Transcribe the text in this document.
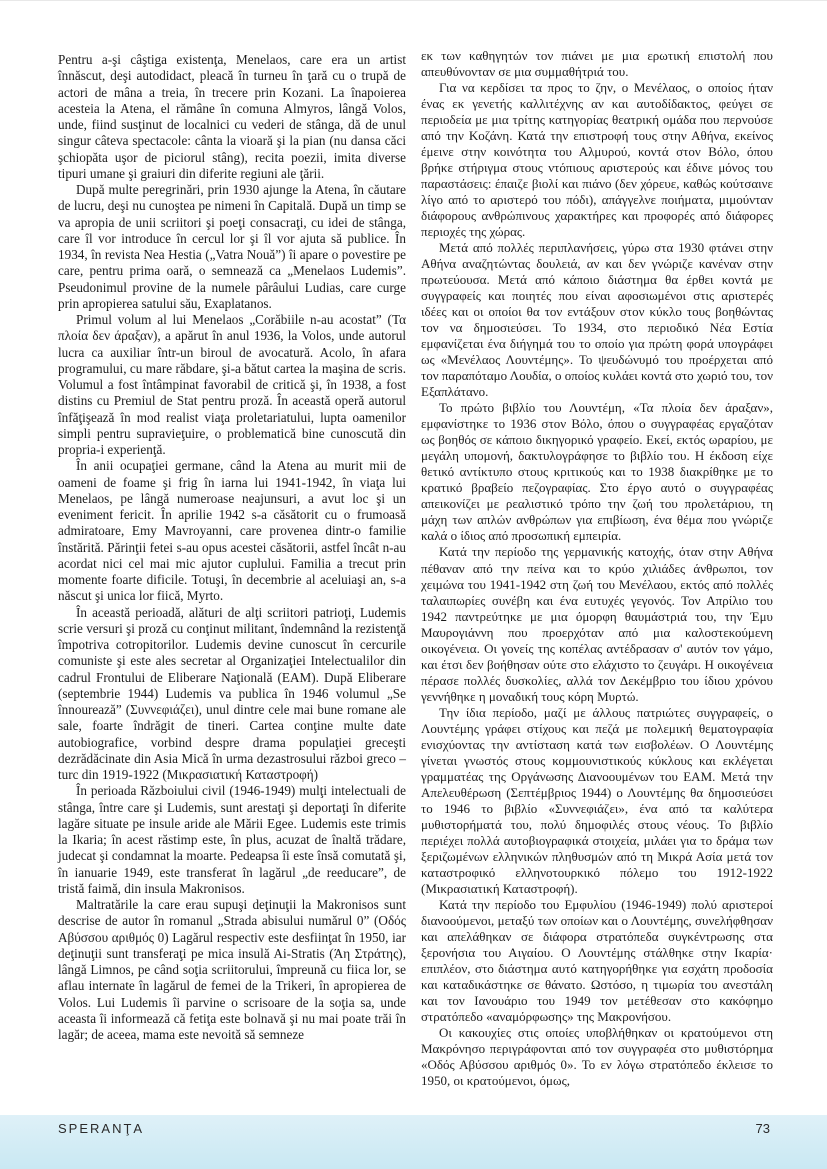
Pentru a-şi câştiga existenţa, Menelaos, care era un artist înnăscut, deşi autodidact, pleacă în turneu în ţară cu o trupă de actori de mâna a treia, în trecere prin Kozani. La înapoierea acesteia la Atena, el rămâne în comuna Almyros, lângă Volos, unde, fiind susţinut de localnici cu vederi de stânga, dă de unul singur câteva spectacole: cânta la vioară şi la pian (nu dansa căci şchiopăta uşor de piciorul stâng), recita poezii, imita diverse tipuri umane şi graiuri din diferite regiuni ale ţării.

După multe peregrinări, prin 1930 ajunge la Atena, în căutare de lucru, deşi nu cunoştea pe nimeni în Capitală. După un timp se va apropia de unii scriitori şi poeţi consacraţi, cu idei de stânga, care îl vor introduce în cercul lor şi îl vor ajuta să publice. În 1934, în revista Nea Hestia („Vatra Nouă”) îi apare o povestire pe care, pentru prima oară, o semnează ca „Menelaos Ludemis”. Pseudonimul provine de la numele pârâului Ludias, care curge prin apropierea satului său, Exaplatanos.

Primul volum al lui Menelaos „Corăbiile n-au acostat” (Τα πλοία δεν άραξαν), a apărut în anul 1936, la Volos, unde autorul lucra ca auxiliar într-un biroul de avocatură. Acolo, în afara programului, cu mare răbdare, şi-a bătut cartea la maşina de scris. Volumul a fost întâmpinat favorabil de critică şi, în 1938, a fost distins cu Premiul de Stat pentru proză. În această operă autorul înfăţişează în mod realist viaţa proletariatului, lupta oamenilor simpli pentru supravieţuire, o problematică bine cunoscută din propria-i experienţă.

În anii ocupaţiei germane, când la Atena au murit mii de oameni de foame şi frig în iarna lui 1941-1942, în viaţa lui Menelaos, pe lângă numeroase neajunsuri, a avut loc şi un eveniment fericit. În aprilie 1942 s-a căsătorit cu o frumoasă admiratoare, Emy Mavroyanni, care provenea dintr-o familie înstărită. Părinţii fetei s-au opus acestei căsătorii, astfel încât n-au acordat nici cel mai mic ajutor cuplului. Familia a trecut prin momente foarte dificile. Totuşi, în decembrie al aceluiaşi an, s-a născut şi unica lor fiică, Myrto.

În această perioadă, alături de alţi scriitori patrioţi, Ludemis scrie versuri şi proză cu conţinut militant, îndemnând la rezistenţă împotriva cotropitorilor. Ludemis devine cunoscut în cercurile comuniste şi este ales secretar al Organizaţiei Intelectualilor din cadrul Frontului de Eliberare Naţională (EAM). După Eliberare (septembrie 1944) Ludemis va publica în 1946 volumul „Se înnourează” (Συννεφιάζει), unul dintre cele mai bune romane ale sale, foarte îndrăgit de tineri. Cartea conţine multe date autobiografice, vorbind despre drama populaţiei greceşti dezrădăcinate din Asia Mică în urma dezastrosului război greco –turc din 1919-1922 (Μικρασιατική Καταστροφή)

În perioada Războiului civil (1946-1949) mulţi intelectuali de stânga, între care şi Ludemis, sunt arestaţi şi deportaţi în diferite lagăre situate pe insule aride ale Mării Egee. Ludemis este trimis la Ikaria; în acest răstimp este, în plus, acuzat de înaltă trădare, judecat şi condamnat la moarte. Pedeapsa îi este însă comutată şi, în ianuarie 1949, este transferat în lagărul „de reeducare”, de tristă faimă, din insula Makronisos.

Maltratările la care erau supuşi deţinuţii la Makronisos sunt descrise de autor în romanul „Strada abisului numărul 0” (Οδός Αβύσσου αριθμός 0) Lagărul respectiv este desfiinţat în 1950, iar deţinuţii sunt transferaţi pe mica insulă Ai-Stratis (Άη Στράτης), lângă Limnos, pe când soţia scriitorului, împreună cu fiica lor, se aflau internate în lagărul de femei de la Trikeri, în apropierea de Volos. Lui Ludemis îi parvine o scrisoare de la soţia sa, unde aceasta îi informează că fetiţa este bolnavă şi nu mai poate trăi în lagăr; de aceea, mama este nevoită să semneze

εκ των καθηγητών τον πιάνει με μια ερωτική επιστολή που απευθύνονταν σε μια συμμαθήτριά του.

Για να κερδίσει τα προς το ζην, ο Μενέλαος, ο οποίος ήταν ένας εκ γενετής καλλιτέχνης αν και αυτοδίδακτος, φεύγει σε περιοδεία με μια τρίτης κατηγορίας θεατρική ομάδα που περνούσε από την Κοζάνη. Κατά την επιστροφή τους στην Αθήνα, εκείνος έμεινε στην κοινότητα του Αλμυρού, κοντά στον Βόλο, όπου βρήκε στήριγμα στους ντόπιους αριστερούς και έδινε μόνος του παραστάσεις: έπαιζε βιολί και πιάνο (δεν χόρευε, καθώς κούτσαινε λίγο από το αριστερό του πόδι), απάγγελνε ποιήματα, μιμούνταν διάφορους ανθρώπινους χαρακτήρες και προφορές από διάφορες περιοχές της χώρας.

Μετά από πολλές περιπλανήσεις, γύρω στα 1930 φτάνει στην Αθήνα αναζητώντας δουλειά, αν και δεν γνώριζε κανέναν στην πρωτεύουσα. Μετά από κάποιο διάστημα θα έρθει κοντά με συγγραφείς και ποιητές που είναι αφοσιωμένοι στις αριστερές ιδέες και οι οποίοι θα τον εντάξουν στον κύκλο τους βοηθώντας τον να δημοσιεύσει. Το 1934, στο περιοδικό Νέα Εστία εμφανίζεται ένα διήγημά του το οποίο για πρώτη φορά υπογράφει ως «Μενέλαος Λουντέμης». Το ψευδώνυμό του προέρχεται από τον παραπόταμο Λουδία, ο οποίος κυλάει κοντά στο χωριό του, τον Εξαπλάτανο.

Το πρώτο βιβλίο του Λουντέμη, «Τα πλοία δεν άραξαν», εμφανίστηκε το 1936 στον Βόλο, όπου ο συγγραφέας εργαζόταν ως βοηθός σε κάποιο δικηγορικό γραφείο. Εκεί, εκτός ωραρίου, με μεγάλη υπομονή, δακτυλογράφησε το βιβλίο του. Η έκδοση είχε θετικό αντίκτυπο στους κριτικούς και το 1938 διακρίθηκε με το κρατικό βραβείο πεζογραφίας. Στο έργο αυτό ο συγγραφέας απεικονίζει με ρεαλιστικό τρόπο την ζωή του προλετάριου, τη μάχη των απλών ανθρώπων για επιβίωση, ένα θέμα που γνώριζε καλά ο ίδιος από προσωπική εμπειρία.

Κατά την περίοδο της γερμανικής κατοχής, όταν στην Αθήνα πέθαναν από την πείνα και το κρύο χιλιάδες άνθρωποι, τον χειμώνα του 1941-1942 στη ζωή του Μενέλαου, εκτός από πολλές ταλαιπωρίες συνέβη και ένα ευτυχές γεγονός. Τον Απρίλιο του 1942 παντρεύτηκε με μια όμορφη θαυμάστριά του, την Έμυ Μαυρογιάννη που προερχόταν από μια καλοστεκούμενη οικογένεια. Οι γονείς της κοπέλας αντέδρασαν σ' αυτόν τον γάμο, και έτσι δεν βοήθησαν ούτε στο ελάχιστο το ζευγάρι. Η οικογένεια πέρασε πολλές δυσκολίες, αλλά τον Δεκέμβριο του ίδιου χρόνου γεννήθηκε η μοναδική τους κόρη Μυρτώ.

Την ίδια περίοδο, μαζί με άλλους πατριώτες συγγραφείς, ο Λουντέμης γράφει στίχους και πεζά με πολεμική θεματογραφία ενισχύοντας την αντίσταση κατά των εισβολέων. Ο Λουντέμης γίνεται γνωστός στους κομμουνιστικούς κύκλους και εκλέγεται γραμματέας της Οργάνωσης Διανοουμένων του ΕΑΜ. Μετά την Απελευθέρωση (Σεπτέμβριος 1944) ο Λουντέμης θα δημοσιεύσει το 1946 το βιβλίο «Συννεφιάζει», ένα από τα καλύτερα μυθιστορήματά του, πολύ δημοφιλές στους νέους. Το βιβλίο περιέχει πολλά αυτοβιογραφικά στοιχεία, μιλάει για το δράμα των ξεριζωμένων ελληνικών πληθυσμών από τη Μικρά Ασία μετά τον καταστροφικό ελληνοτουρκικό πόλεμο του 1912-1922 (Μικρασιατική Καταστροφή).

Κατά την περίοδο του Εμφυλίου (1946-1949) πολύ αριστεροί διανοούμενοι, μεταξύ των οποίων και ο Λουντέμης, συνελήφθησαν και απελάθηκαν σε διάφορα στρατόπεδα συγκέντρωσης στα ξερονήσια του Αιγαίου. Ο Λουντέμης στάλθηκε στην Ικαρία· επιπλέον, στο διάστημα αυτό κατηγορήθηκε για εσχάτη προδοσία και καταδικάστηκε σε θάνατο. Ωστόσο, η τιμωρία του ανεστάλη και τον Ιανουάριο του 1949 τον μετέθεσαν στο κακόφημο στρατόπεδο «αναμόρφωσης» της Μακρονήσου.

Οι κακουχίες στις οποίες υποβλήθηκαν οι κρατούμενοι στη Μακρόνησο περιγράφονται από τον συγγραφέα στο μυθιστόρημα «Οδός Αβύσσου αριθμός 0». Το εν λόγω στρατόπεδο έκλεισε το 1950, οι κρατούμενοι, όμως,

SPERANŢA	73
